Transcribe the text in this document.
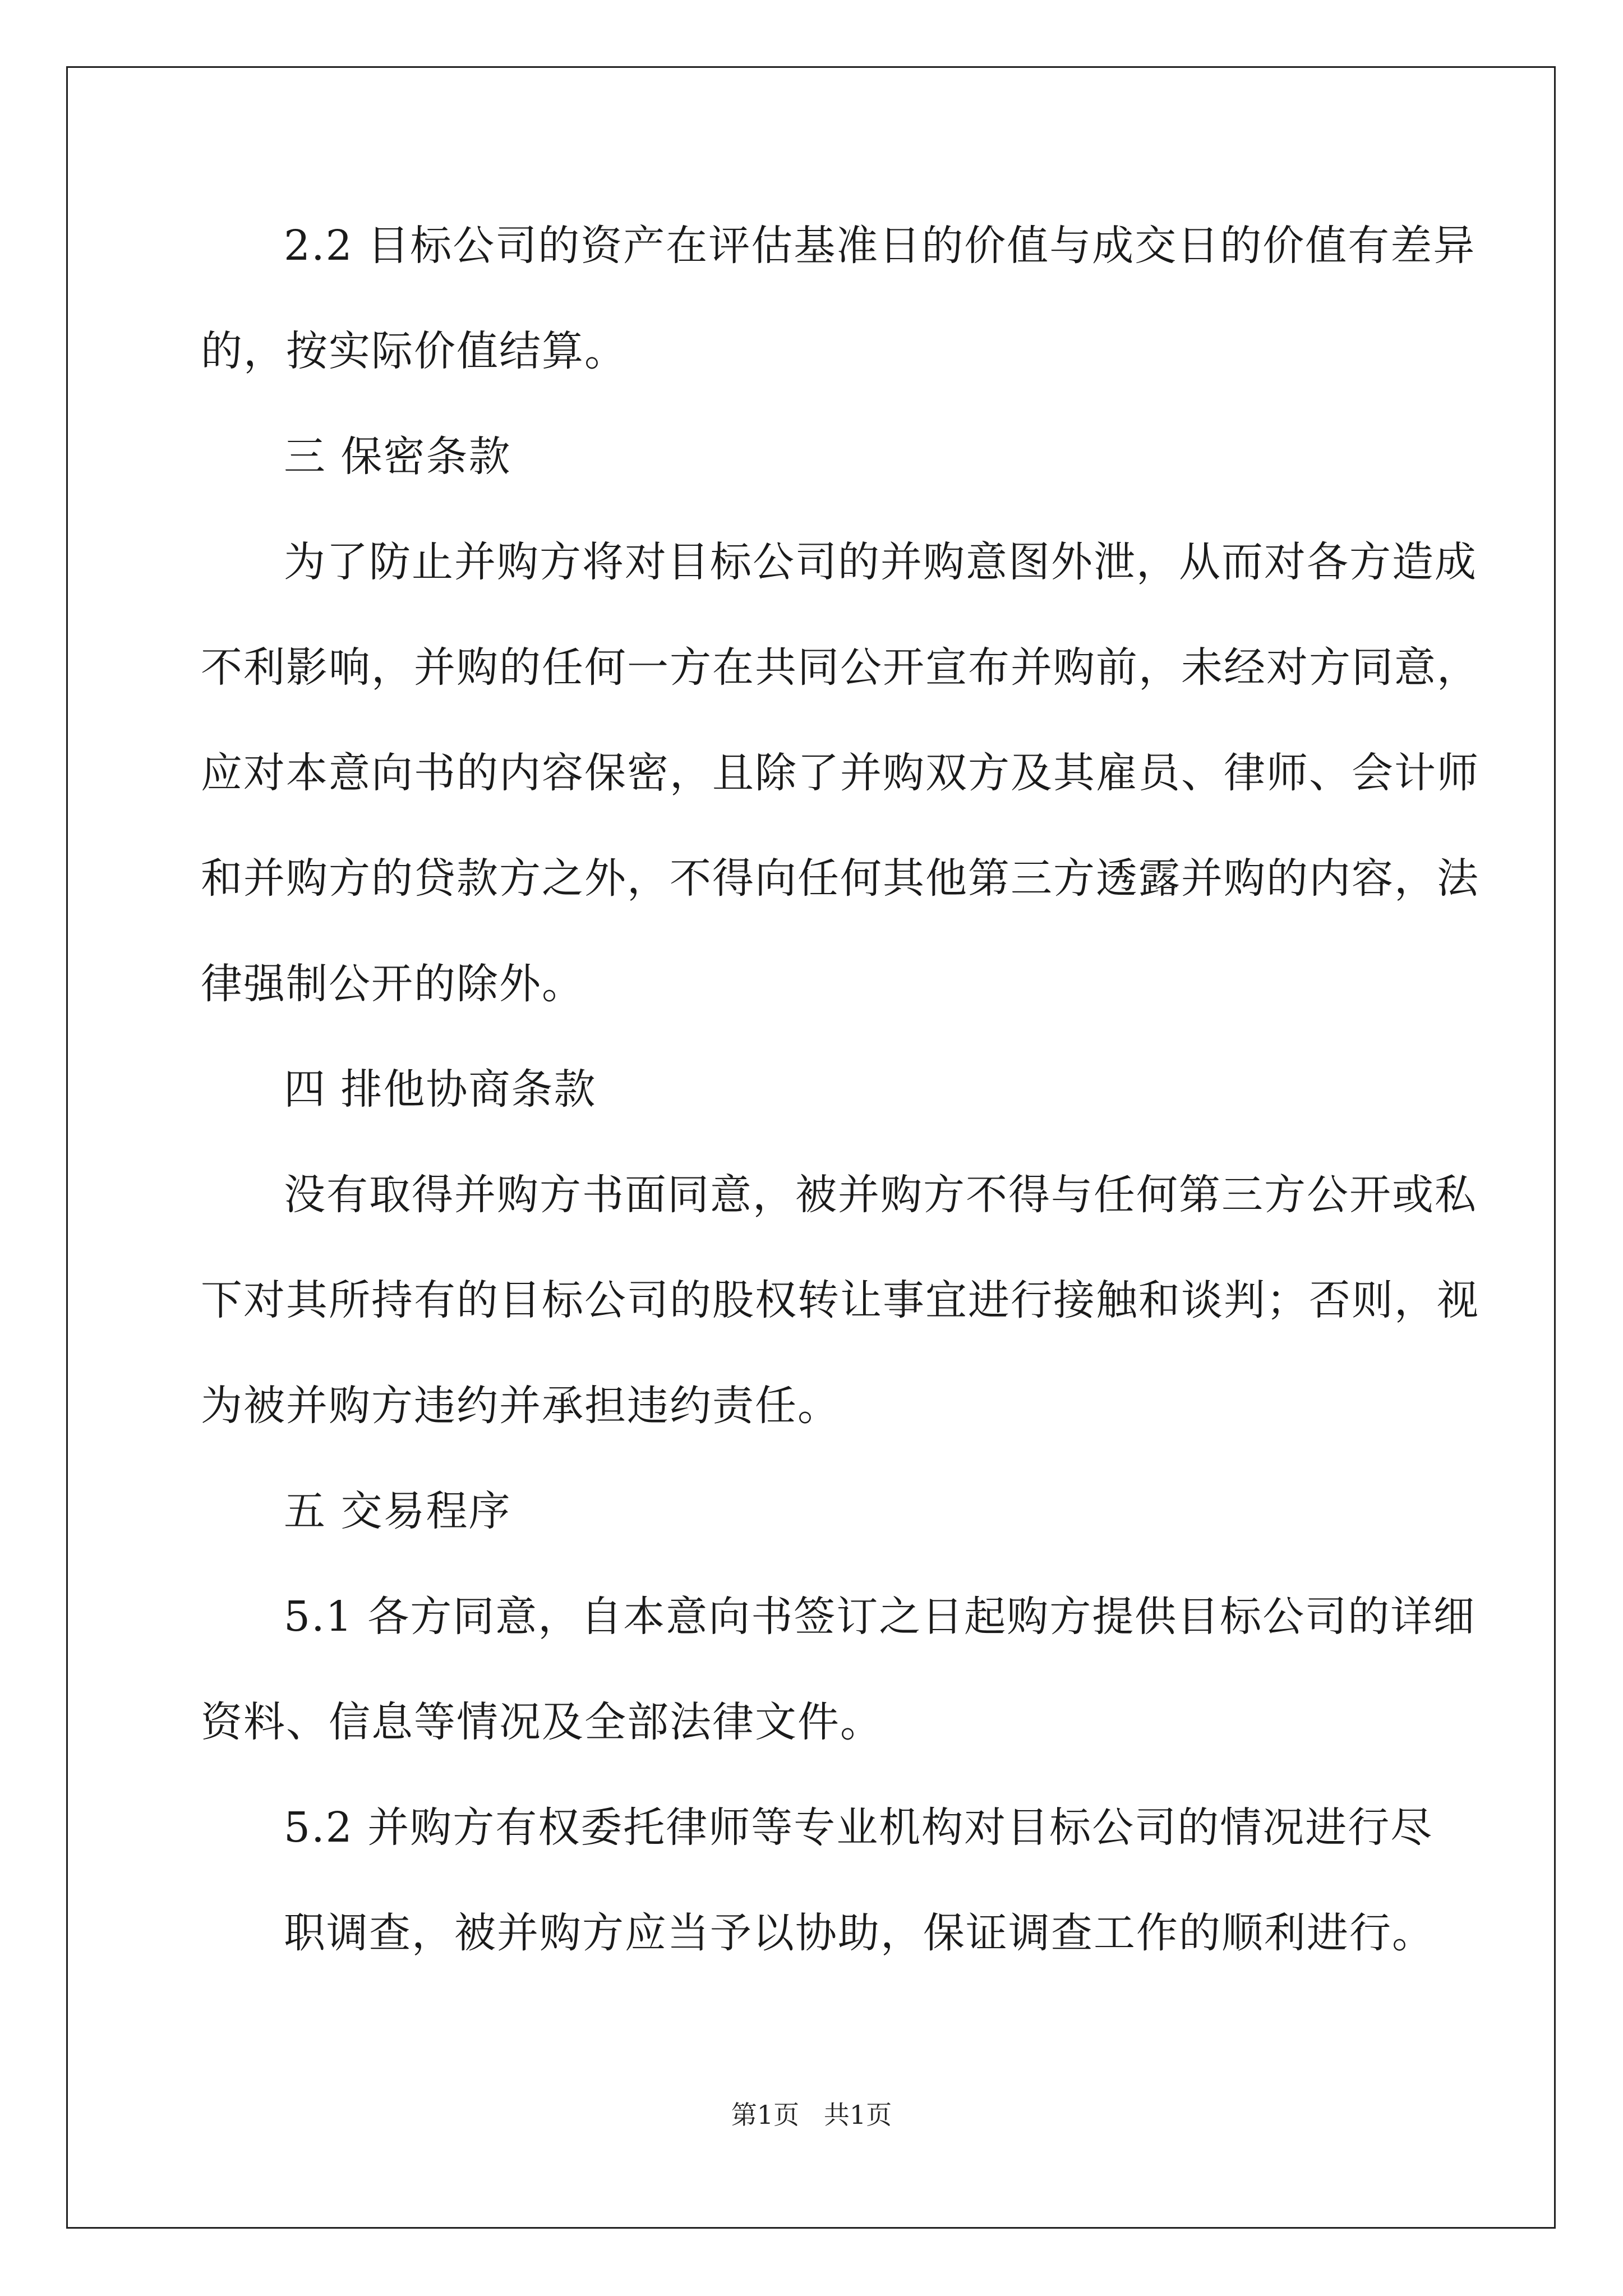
2.2 目标公司的资产在评估基准日的价值与成交日的价值有差异
的，按实际价值结算。
三 保密条款
为了防止并购方将对目标公司的并购意图外泄，从而对各方造成
不利影响，并购的任何一方在共同公开宣布并购前，未经对方同意，
应对本意向书的内容保密，且除了并购双方及其雇员、律师、会计师
和并购方的贷款方之外，不得向任何其他第三方透露并购的内容，法
律强制公开的除外。
四 排他协商条款
没有取得并购方书面同意，被并购方不得与任何第三方公开或私
下对其所持有的目标公司的股权转让事宜进行接触和谈判；否则，视
为被并购方违约并承担违约责任。
五 交易程序
5.1 各方同意，自本意向书签订之日起购方提供目标公司的详细
资料、信息等情况及全部法律文件。
5.2 并购方有权委托律师等专业机构对目标公司的情况进行尽
职调查，被并购方应当予以协助，保证调查工作的顺利进行。
第1页   共1页
